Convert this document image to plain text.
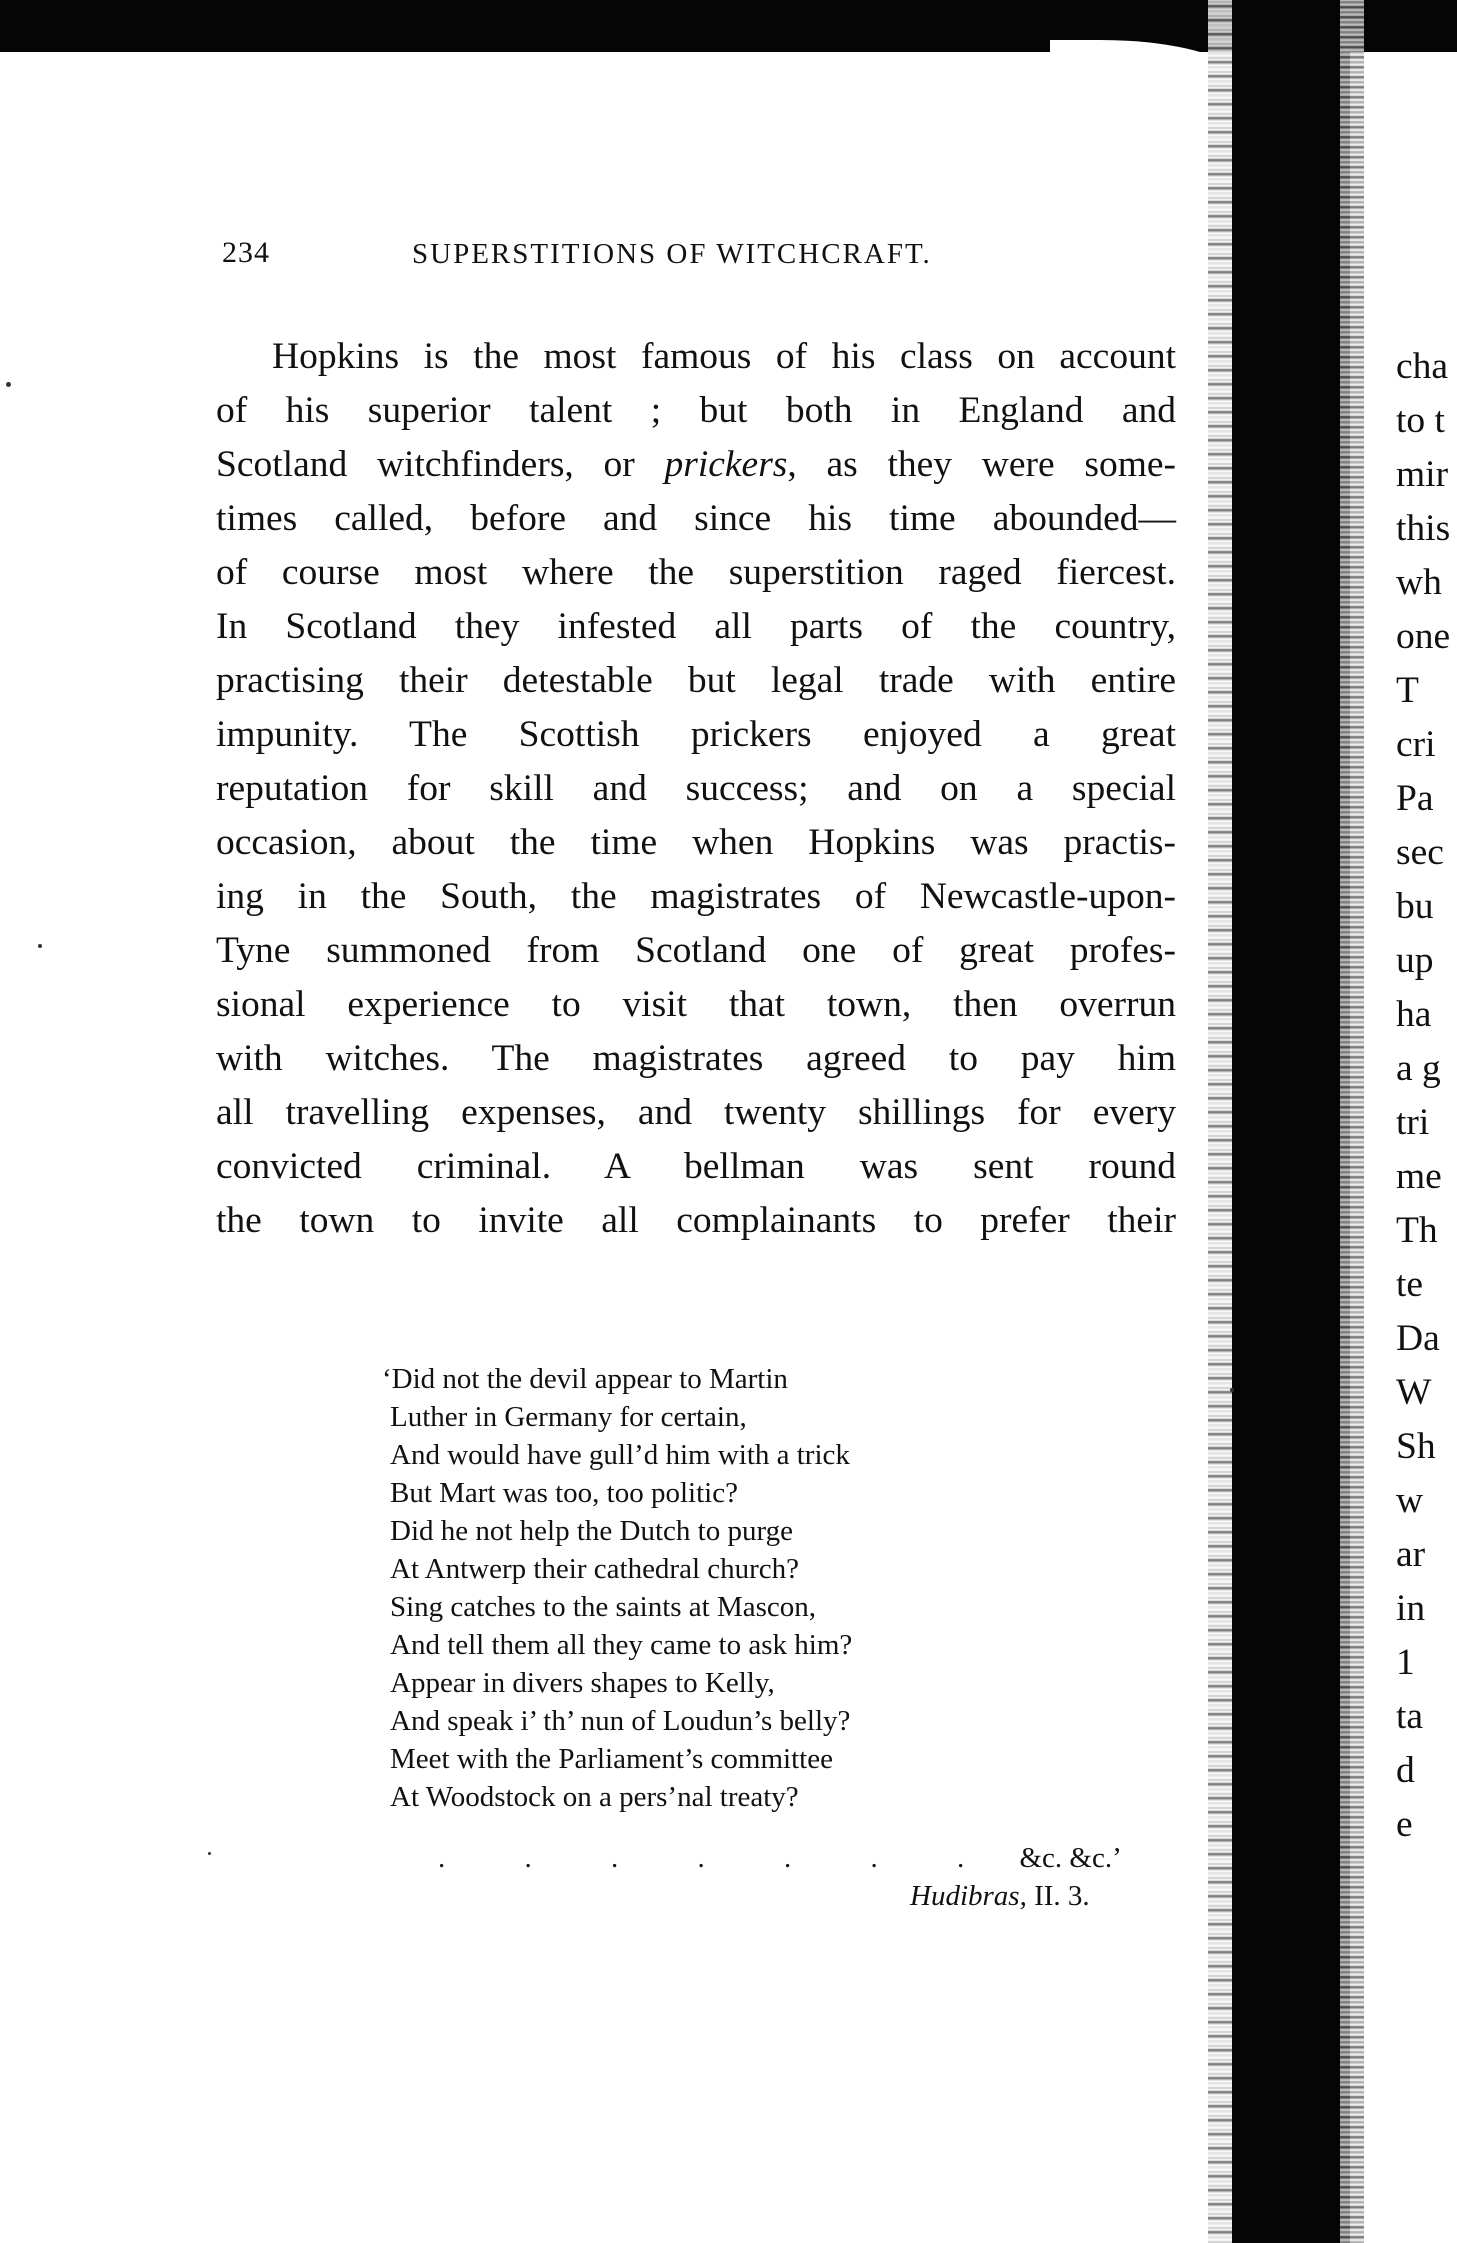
234	SUPERSTITIONS OF WITCHCRAFT.
Hopkins is the most famous of his class on account
of his superior talent ; but both in England and
Scotland witchfinders, or prickers, as they were some-
times called, before and since his time abounded—
of course most where the superstition raged fiercest.
In Scotland they infested all parts of the country,
practising their detestable but legal trade with entire
impunity. The Scottish prickers enjoyed a great
reputation for skill and success; and on a special
occasion, about the time when Hopkins was practis-
ing in the South, the magistrates of Newcastle-upon-
Tyne summoned from Scotland one of great profes-
sional experience to visit that town, then overrun
with witches. The magistrates agreed to pay him
all travelling expenses, and twenty shillings for every
convicted criminal. A bellman was sent round
the town to invite all complainants to prefer their
‘Did not the devil appear to Martin
Luther in Germany for certain,
And would have gull’d him with a trick
But Mart was too, too politic?
Did he not help the Dutch to purge
At Antwerp their cathedral church?
Sing catches to the saints at Mascon,
And tell them all they came to ask him?
Appear in divers shapes to Kelly,
And speak i’ th’ nun of Loudun’s belly?
Meet with the Parliament’s committee
At Woodstock on a pers’nal treaty?
. . . . . . . &c. &c.’
Hudibras, II. 3.
cha
to t
mir
this
wh
one
T
cri
Pa
sec
bu
up
ha
a g
tri
me
Th
te
Da
W
Sh
w
ar
in
1
ta
d
e
